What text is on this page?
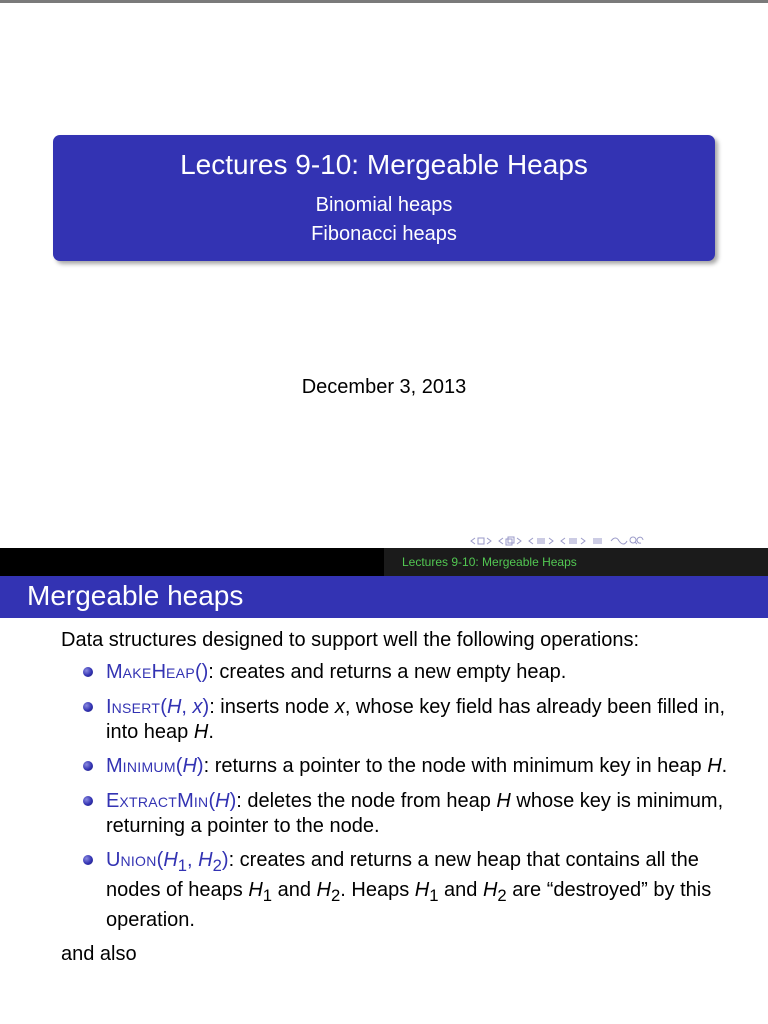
Lectures 9-10: Mergeable Heaps
Binomial heaps
Fibonacci heaps
December 3, 2013
Lectures 9-10: Mergeable Heaps
Mergeable heaps

Data structures designed to support well the following operations:

MAKEHEAP(): creates and returns a new empty heap.
INSERT(H, x): inserts node x, whose key field has already been filled in, into heap H.
MINIMUM(H): returns a pointer to the node with minimum key in heap H.
EXTRACTMIN(H): deletes the node from heap H whose key is minimum, returning a pointer to the node.
$UNION(H_1$, $H_2$): creates and returns a new heap that contains all the nodes of heaps $H_1$ and $H_2$. Heaps $H_1$ and $H_2$ are “destroyed” by this operation.

and also
